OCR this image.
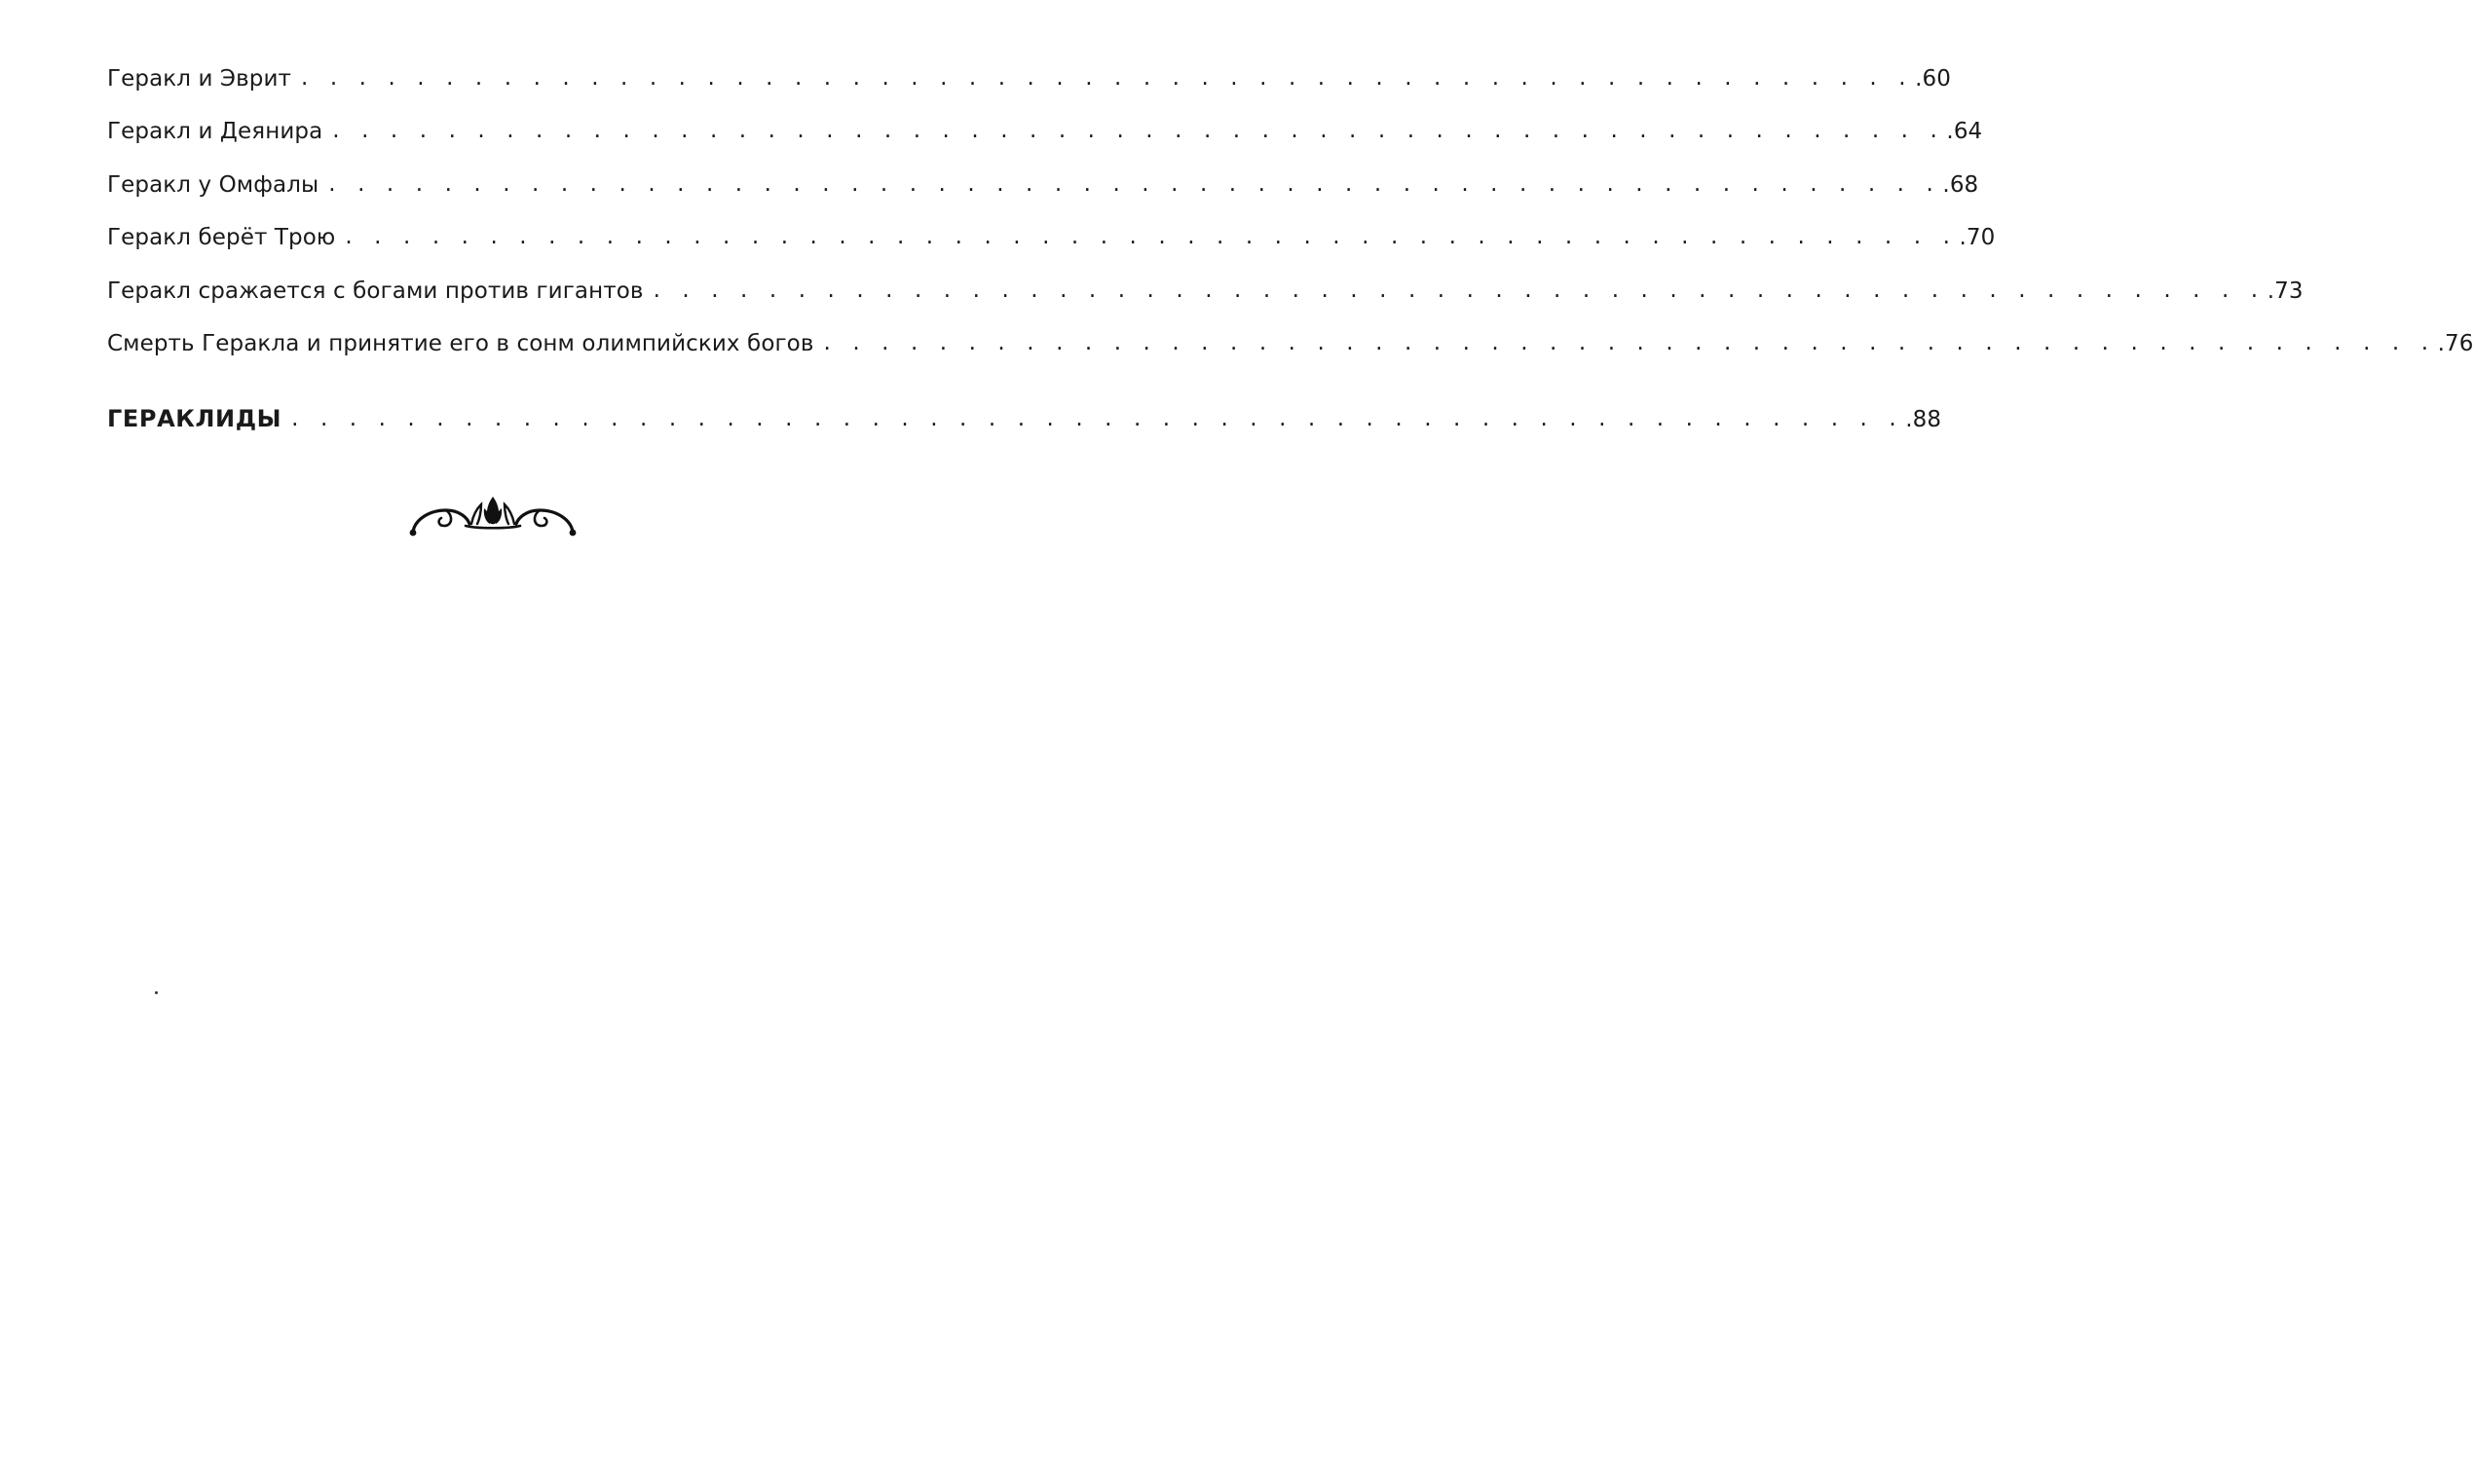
Геракл и Эврит . . . . . . . . . . . . . . . . . . . . . . . . . . . . . . . . . . . . . . . . . . . . . . . . . . . . . . . . .60
Геракл и Деянира . . . . . . . . . . . . . . . . . . . . . . . . . . . . . . . . . . . . . . . . . . . . . . . . . . . . . . . . .64
Геракл у Омфалы . . . . . . . . . . . . . . . . . . . . . . . . . . . . . . . . . . . . . . . . . . . . . . . . . . . . . . . . .68
Геракл берёт Трою . . . . . . . . . . . . . . . . . . . . . . . . . . . . . . . . . . . . . . . . . . . . . . . . . . . . . . . . .70
Геракл сражается с богами против гигантов . . . . . . . . . . . . . . . . . . . . . . . . . . . . . . . . . . . . . . . . . . . . . . . . . . . . . . . . .73
Смерть Геракла и принятие его в сонм олимпийских богов . . . . . . . . . . . . . . . . . . . . . . . . . . . . . . . . . . . . . . . . . . . . . . . . . . . . . . . . .76
ГЕРАКЛИДЫ . . . . . . . . . . . . . . . . . . . . . . . . . . . . . . . . . . . . . . . . . . . . . . . . . . . . . . . . .88
